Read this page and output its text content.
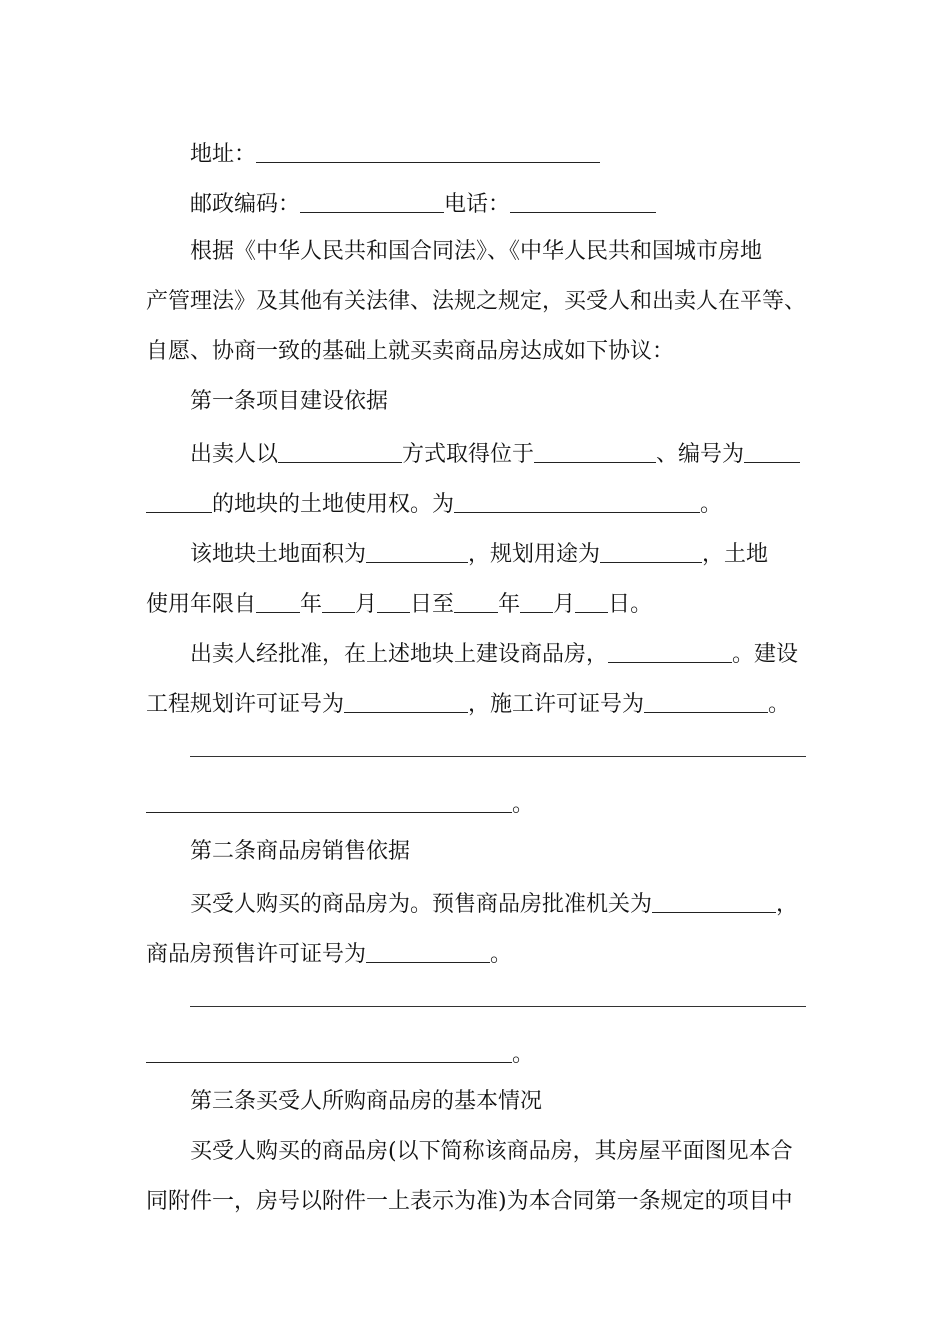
地址：
邮政编码：	电话：
根据《中华人民共和国合同法》、《中华人民共和国城市房地
产管理法》及其他有关法律、法规之规定，买受人和出卖人在平等、
自愿、协商一致的基础上就买卖商品房达成如下协议：
第一条项目建设依据
出卖人以	方式取得位于	、编号为
的地块的土地使用权。为	。
该地块土地面积为	，规划用途为	，土地
使用年限自 年 月 日至 年 月 日。
出卖人经批准，在上述地块上建设商品房，	。建设
工程规划许可证号为	，施工许可证号为	。
。
第二条商品房销售依据
买受人购买的商品房为。预售商品房批准机关为	，
商品房预售许可证号为	。
。
第三条买受人所购商品房的基本情况
买受人购买的商品房(以下简称该商品房，其房屋平面图见本合
同附件一，房号以附件一上表示为准)为本合同第一条规定的项目中
